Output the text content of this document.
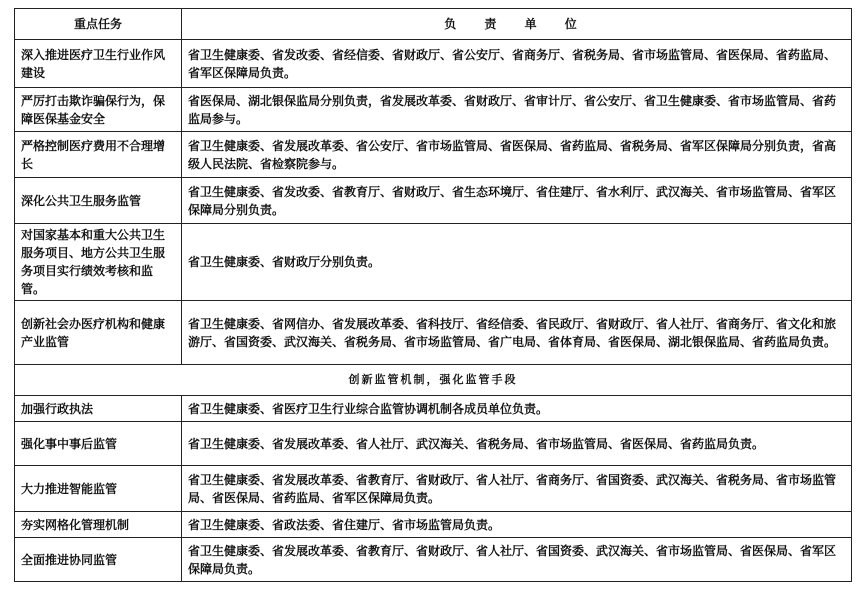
重点任务	负 责 单 位
深入推进医疗卫生行业作风建设	省卫生健康委、省发改委、省经信委、省财政厅、省公安厅、省商务厅、省税务局、省市场监管局、省医保局、省药监局、省军区保障局负责。
严厉打击欺诈骗保行为，保障医保基金安全	省医保局、湖北银保监局分别负责，省发展改革委、省财政厅、省审计厅、省公安厅、省卫生健康委、省市场监管局、省药监局参与。
严格控制医疗费用不合理增长	省卫生健康委、省发展改革委、省公安厅、省市场监管局、省医保局、省药监局、省税务局、省军区保障局分别负责，省高级人民法院、省检察院参与。
深化公共卫生服务监管	省卫生健康委、省发改委、省教育厅、省财政厅、省生态环境厅、省住建厅、省水利厅、武汉海关、省市场监管局、省军区保障局分别负责。
对国家基本和重大公共卫生服务项目、地方公共卫生服务项目实行绩效考核和监管。	省卫生健康委、省财政厅分别负责。
创新社会办医疗机构和健康产业监管	省卫生健康委、省网信办、省发展改革委、省科技厅、省经信委、省民政厅、省财政厅、省人社厅、省商务厅、省文化和旅游厅、省国资委、武汉海关、省税务局、省市场监管局、省广电局、省体育局、省医保局、湖北银保监局、省药监局负责。
创新监管机制，强化监管手段	
加强行政执法	省卫生健康委、省医疗卫生行业综合监管协调机制各成员单位负责。
强化事中事后监管	省卫生健康委、省发展改革委、省人社厅、武汉海关、省税务局、省市场监管局、省医保局、省药监局负责。
大力推进智能监管	省卫生健康委、省发展改革委、省教育厅、省财政厅、省人社厅、省商务厅、省国资委、武汉海关、省税务局、省市场监管局、省医保局、省药监局、省军区保障局负责。
夯实网格化管理机制	省卫生健康委、省政法委、省住建厅、省市场监管局负责。
全面推进协同监管	省卫生健康委、省发展改革委、省教育厅、省财政厅、省人社厅、省国资委、武汉海关、省市场监管局、省医保局、省军区保障局负责。
